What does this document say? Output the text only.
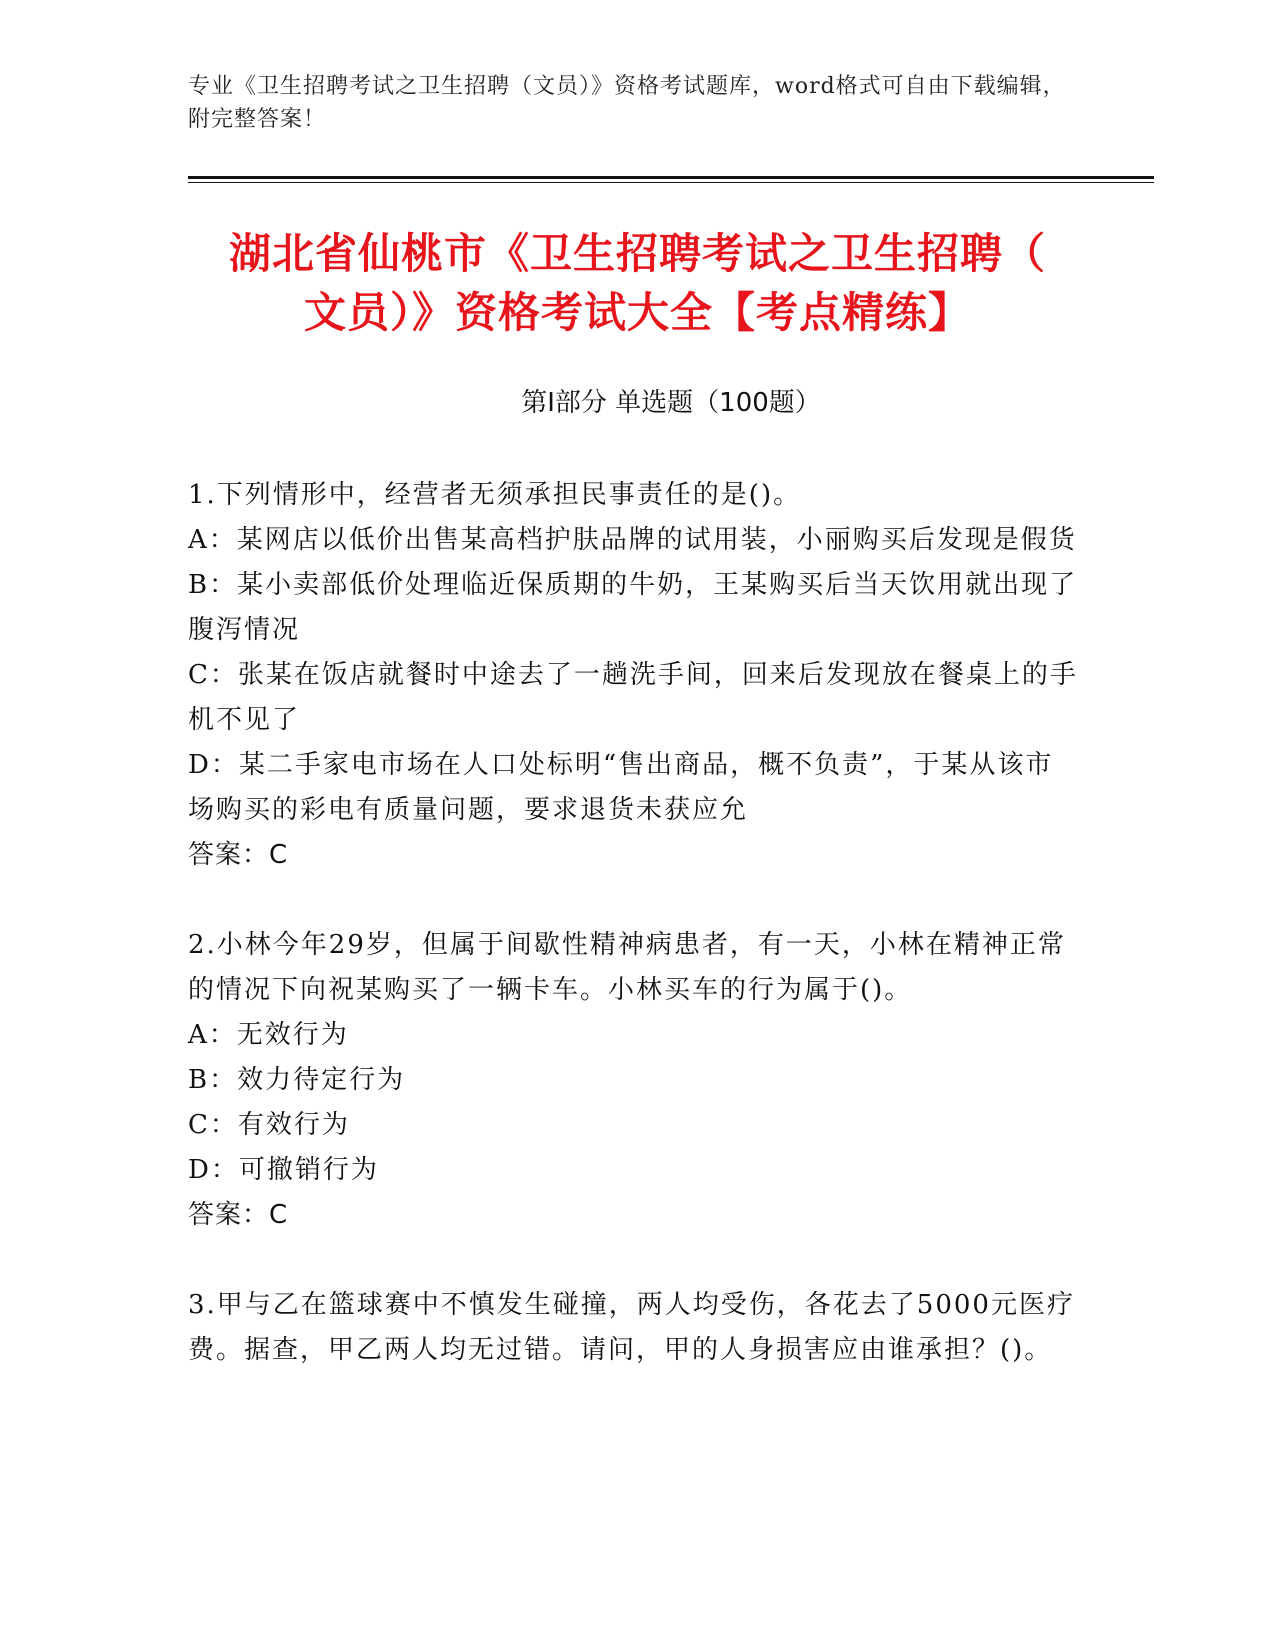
专业《卫生招聘考试之卫生招聘（文员）》资格考试题库，word格式可自由下载编辑，附完整答案！
湖北省仙桃市《卫生招聘考试之卫生招聘（
文员）》资格考试大全【考点精练】
第Ⅰ部分 单选题（100题）

1.下列情形中，经营者无须承担民事责任的是()。

A：某网店以低价出售某高档护肤品牌的试用装，小丽购买后发现是假货

B：某小卖部低价处理临近保质期的牛奶，王某购买后当天饮用就出现了腹泻情况

C：张某在饭店就餐时中途去了一趟洗手间，回来后发现放在餐桌上的手机不见了

D：某二手家电市场在人口处标明“售出商品，概不负责”，于某从该市场购买的彩电有质量问题，要求退货未获应允

答案：C

2.小林今年29岁，但属于间歇性精神病患者，有一天，小林在精神正常的情况下向祝某购买了一辆卡车。小林买车的行为属于()。

A：无效行为

B：效力待定行为

C：有效行为

D：可撤销行为

答案：C

3.甲与乙在篮球赛中不慎发生碰撞，两人均受伤，各花去了5000元医疗费。据查，甲乙两人均无过错。请问，甲的人身损害应由谁承担？()。
